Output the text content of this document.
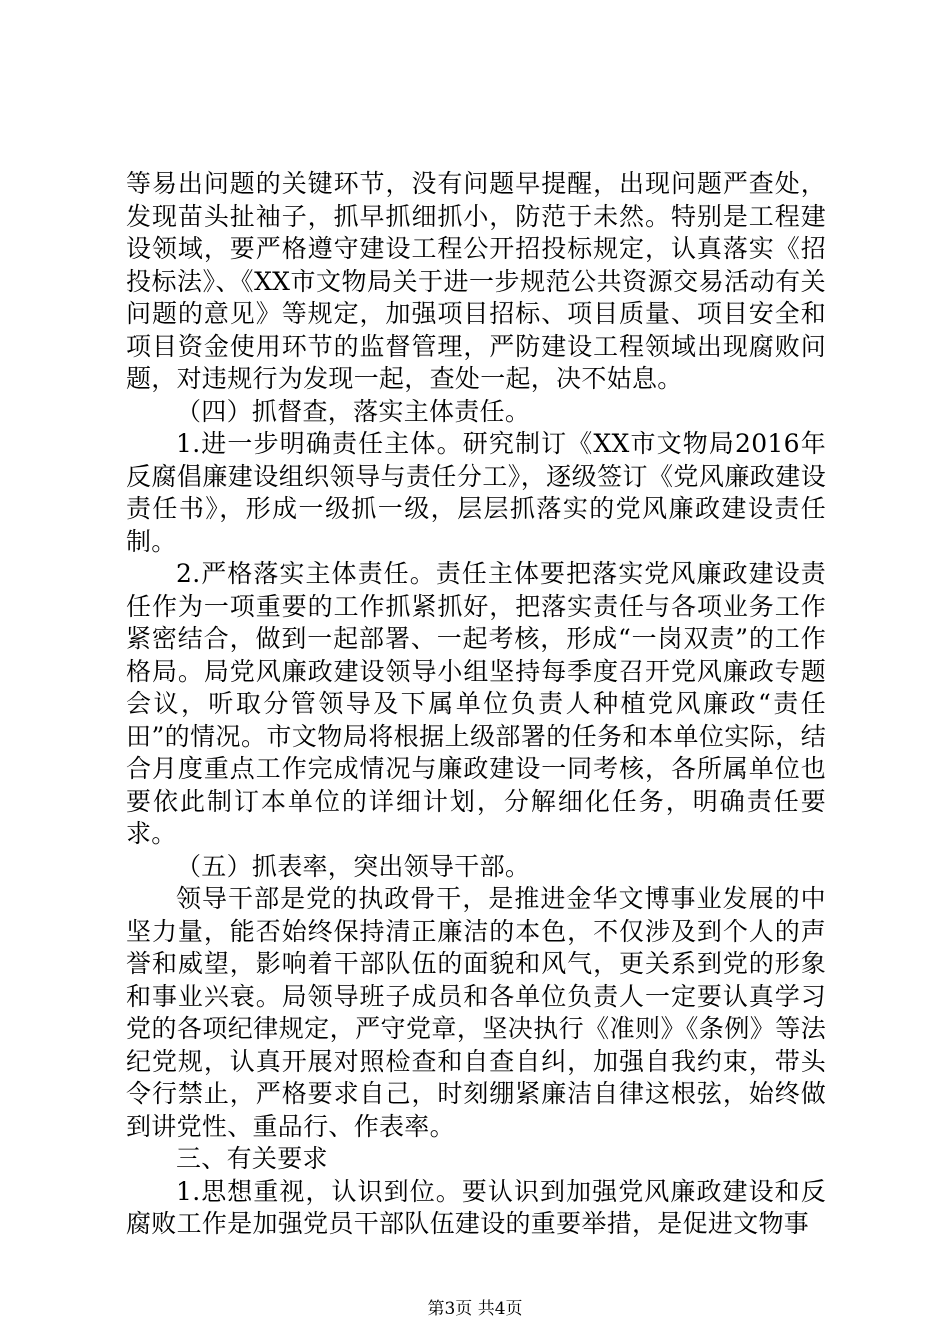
等易出问题的关键环节，没有问题早提醒，出现问题严查处，发现苗头扯袖子，抓早抓细抓小，防范于未然。特别是工程建设领域，要严格遵守建设工程公开招投标规定，认真落实《招投标法》、《XX市文物局关于进一步规范公共资源交易活动有关问题的意见》等规定，加强项目招标、项目质量、项目安全和项目资金使用环节的监督管理，严防建设工程领域出现腐败问题，对违规行为发现一起，查处一起，决不姑息。

（四）抓督查，落实主体责任。

1.进一步明确责任主体。研究制订《XX市文物局2016年反腐倡廉建设组织领导与责任分工》，逐级签订《党风廉政建设责任书》，形成一级抓一级，层层抓落实的党风廉政建设责任制。

2.严格落实主体责任。责任主体要把落实党风廉政建设责任作为一项重要的工作抓紧抓好，把落实责任与各项业务工作紧密结合，做到一起部署、一起考核，形成“一岗双责”的工作格局。局党风廉政建设领导小组坚持每季度召开党风廉政专题会议，听取分管领导及下属单位负责人种植党风廉政“责任田”的情况。市文物局将根据上级部署的任务和本单位实际，结合月度重点工作完成情况与廉政建设一同考核，各所属单位也要依此制订本单位的详细计划，分解细化任务，明确责任要求。

（五）抓表率，突出领导干部。

领导干部是党的执政骨干，是推进金华文博事业发展的中坚力量，能否始终保持清正廉洁的本色，不仅涉及到个人的声誉和威望，影响着干部队伍的面貌和风气，更关系到党的形象和事业兴衰。局领导班子成员和各单位负责人一定要认真学习党的各项纪律规定，严守党章，坚决执行《准则》《条例》等法纪党规，认真开展对照检查和自查自纠，加强自我约束，带头令行禁止，严格要求自己，时刻绷紧廉洁自律这根弦，始终做到讲党性、重品行、作表率。

三、有关要求

1.思想重视，认识到位。要认识到加强党风廉政建设和反腐败工作是加强党员干部队伍建设的重要举措，是促进文物事

第3页 共4页
